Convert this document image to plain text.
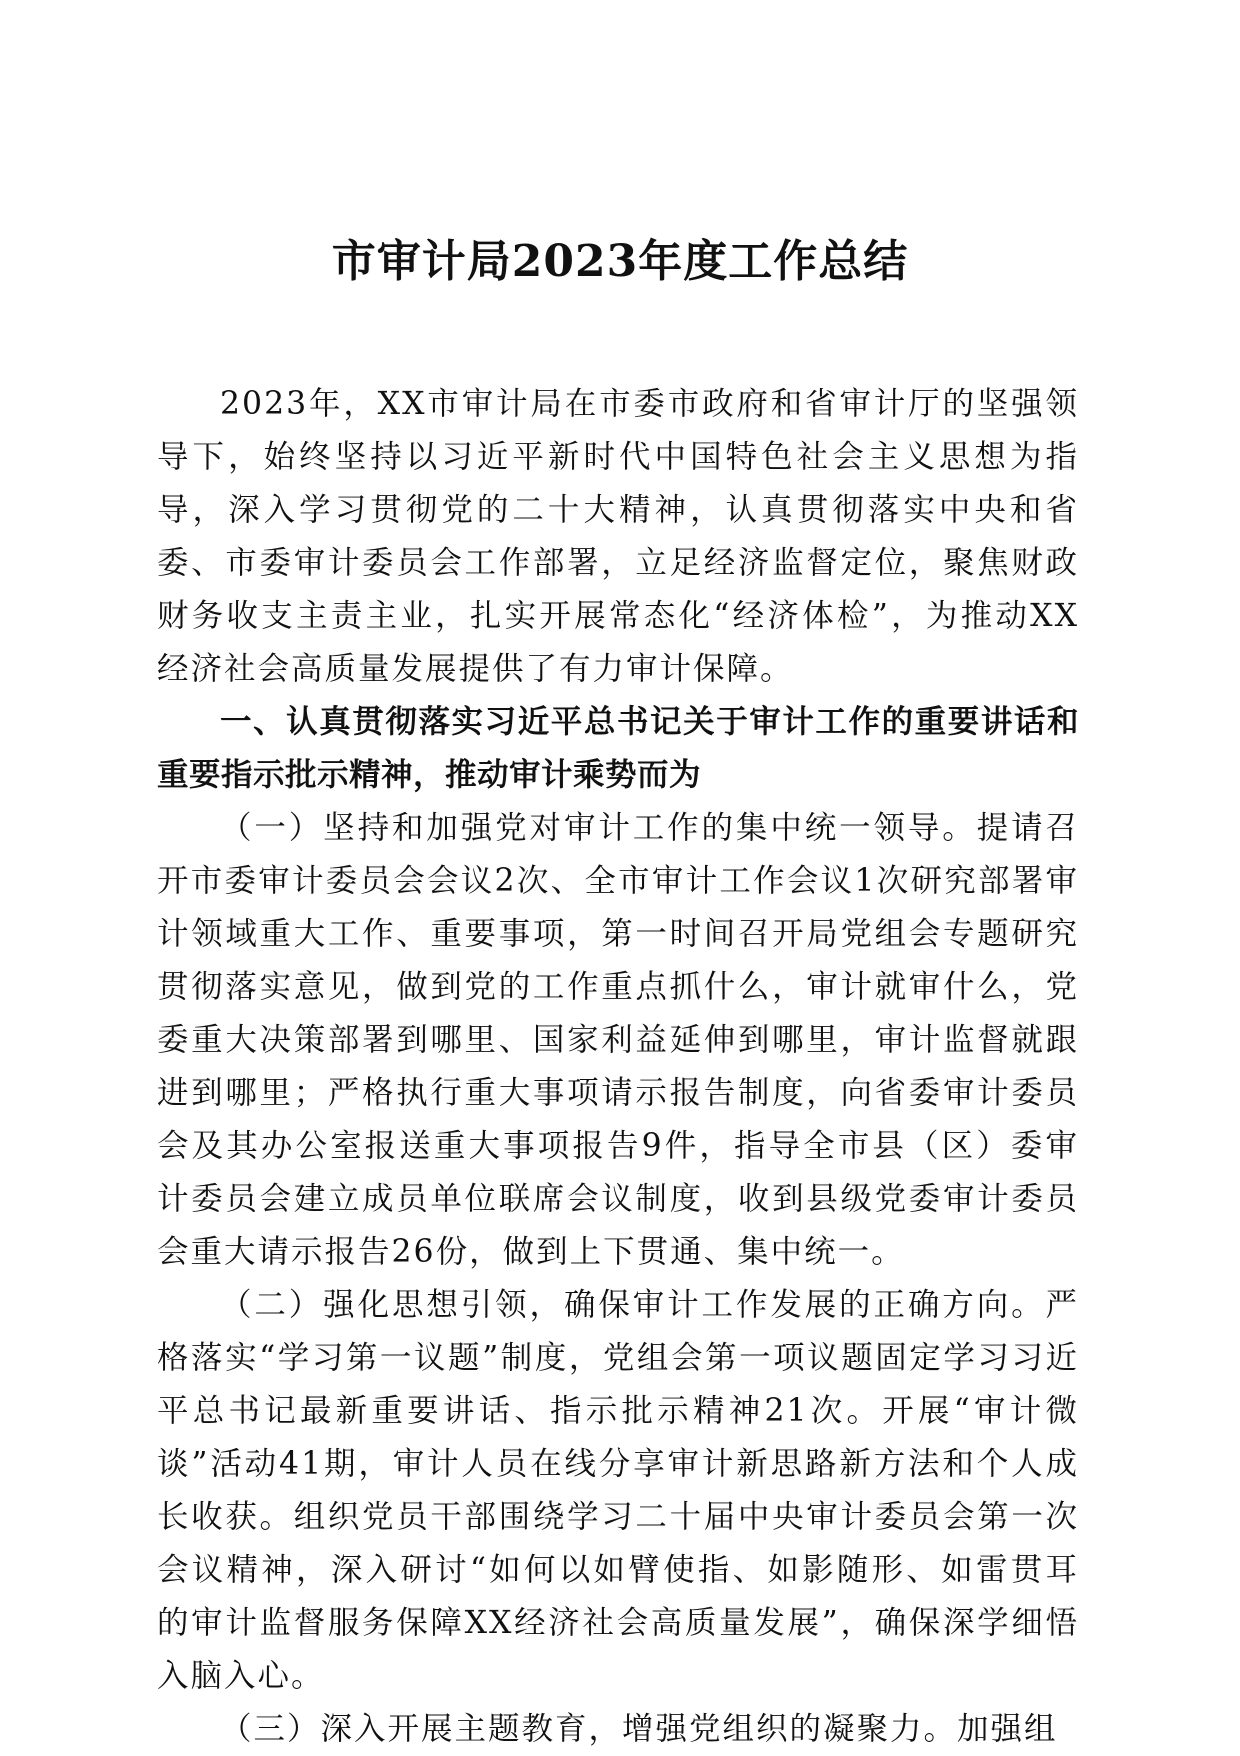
市审计局2023年度工作总结

2023年，XX市审计局在市委市政府和省审计厅的坚强领导下，始终坚持以习近平新时代中国特色社会主义思想为指导，深入学习贯彻党的二十大精神，认真贯彻落实中央和省委、市委审计委员会工作部署，立足经济监督定位，聚焦财政财务收支主责主业，扎实开展常态化“经济体检”，为推动XX经济社会高质量发展提供了有力审计保障。

一、认真贯彻落实习近平总书记关于审计工作的重要讲话和重要指示批示精神，推动审计乘势而为

（一）坚持和加强党对审计工作的集中统一领导。提请召开市委审计委员会会议2次、全市审计工作会议1次研究部署审计领域重大工作、重要事项，第一时间召开局党组会专题研究贯彻落实意见，做到党的工作重点抓什么，审计就审什么，党委重大决策部署到哪里、国家利益延伸到哪里，审计监督就跟进到哪里；严格执行重大事项请示报告制度，向省委审计委员会及其办公室报送重大事项报告9件，指导全市县（区）委审计委员会建立成员单位联席会议制度，收到县级党委审计委员会重大请示报告26份，做到上下贯通、集中统一。

（二）强化思想引领，确保审计工作发展的正确方向。严格落实“学习第一议题”制度，党组会第一项议题固定学习习近平总书记最新重要讲话、指示批示精神21次。开展“审计微谈”活动41期，审计人员在线分享审计新思路新方法和个人成长收获。组织党员干部围绕学习二十届中央审计委员会第一次会议精神，深入研讨“如何以如臂使指、如影随形、如雷贯耳的审计监督服务保障XX经济社会高质量发展”，确保深学细悟入脑入心。

（三）深入开展主题教育，增强党组织的凝聚力。加强组
